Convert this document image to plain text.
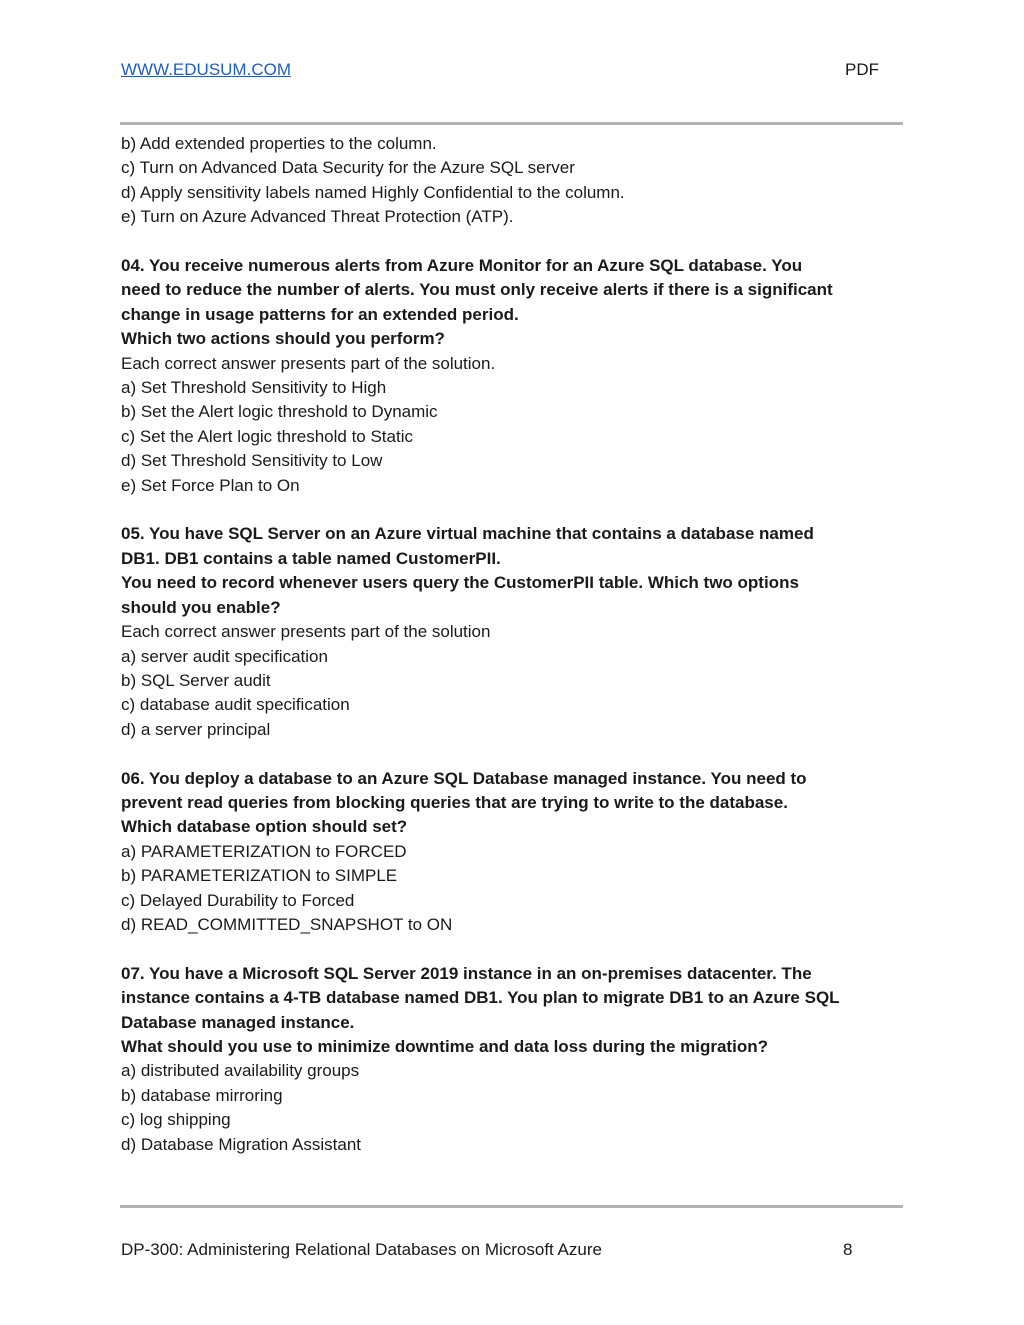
WWW.EDUSUM.COM	PDF
b) Add extended properties to the column.
c) Turn on Advanced Data Security for the Azure SQL server
d) Apply sensitivity labels named Highly Confidential to the column.
e) Turn on Azure Advanced Threat Protection (ATP).
04. You receive numerous alerts from Azure Monitor for an Azure SQL database. You
need to reduce the number of alerts. You must only receive alerts if there is a significant
change in usage patterns for an extended period.
Which two actions should you perform?
Each correct answer presents part of the solution.
a) Set Threshold Sensitivity to High
b) Set the Alert logic threshold to Dynamic
c) Set the Alert logic threshold to Static
d) Set Threshold Sensitivity to Low
e) Set Force Plan to On
05. You have SQL Server on an Azure virtual machine that contains a database named
DB1. DB1 contains a table named CustomerPII.
You need to record whenever users query the CustomerPII table. Which two options
should you enable?
Each correct answer presents part of the solution
a) server audit specification
b) SQL Server audit
c) database audit specification
d) a server principal
06. You deploy a database to an Azure SQL Database managed instance. You need to
prevent read queries from blocking queries that are trying to write to the database.
Which database option should set?
a) PARAMETERIZATION to FORCED
b) PARAMETERIZATION to SIMPLE
c) Delayed Durability to Forced
d) READ_COMMITTED_SNAPSHOT to ON
07. You have a Microsoft SQL Server 2019 instance in an on-premises datacenter. The
instance contains a 4-TB database named DB1. You plan to migrate DB1 to an Azure SQL
Database managed instance.
What should you use to minimize downtime and data loss during the migration?
a) distributed availability groups
b) database mirroring
c) log shipping
d) Database Migration Assistant
DP-300: Administering Relational Databases on Microsoft Azure	8
